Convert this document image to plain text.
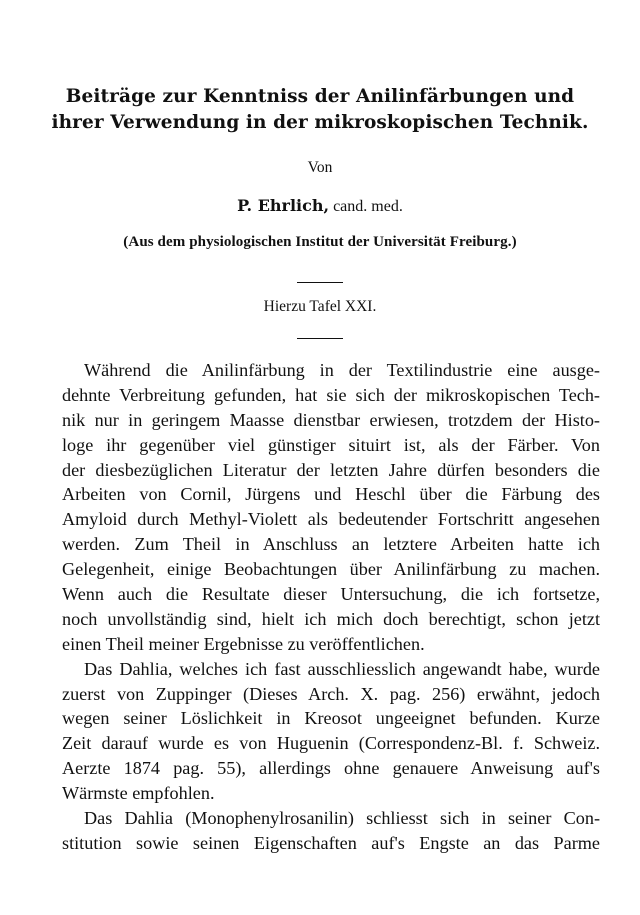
Beiträge zur Kenntniss der Anilinfärbungen und
ihrer Verwendung in der mikroskopischen Technik.
Von
P. Ehrlich, cand. med.
(Aus dem physiologischen Institut der Universität Freiburg.)
Hierzu Tafel XXI.
Während die Anilinfärbung in der Textilindustrie eine ausge-
dehnte Verbreitung gefunden, hat sie sich der mikroskopischen Tech-
nik nur in geringem Maasse dienstbar erwiesen, trotzdem der Histo-
loge ihr gegenüber viel günstiger situirt ist, als der Färber. Von
der diesbezüglichen Literatur der letzten Jahre dürfen besonders die
Arbeiten von Cornil, Jürgens und Heschl über die Färbung des
Amyloid durch Methyl-Violett als bedeutender Fortschritt angesehen
werden. Zum Theil in Anschluss an letztere Arbeiten hatte ich
Gelegenheit, einige Beobachtungen über Anilinfärbung zu machen.
Wenn auch die Resultate dieser Untersuchung, die ich fortsetze,
noch unvollständig sind, hielt ich mich doch berechtigt, schon jetzt
einen Theil meiner Ergebnisse zu veröffentlichen.
Das Dahlia, welches ich fast ausschliesslich angewandt habe, wurde
zuerst von Zuppinger (Dieses Arch. X. pag. 256) erwähnt, jedoch
wegen seiner Löslichkeit in Kreosot ungeeignet befunden. Kurze
Zeit darauf wurde es von Huguenin (Correspondenz-Bl. f. Schweiz.
Aerzte 1874 pag. 55), allerdings ohne genauere Anweisung auf's
Wärmste empfohlen.
Das Dahlia (Monophenylrosanilin) schliesst sich in seiner Con-
stitution sowie seinen Eigenschaften auf's Engste an das Parme
